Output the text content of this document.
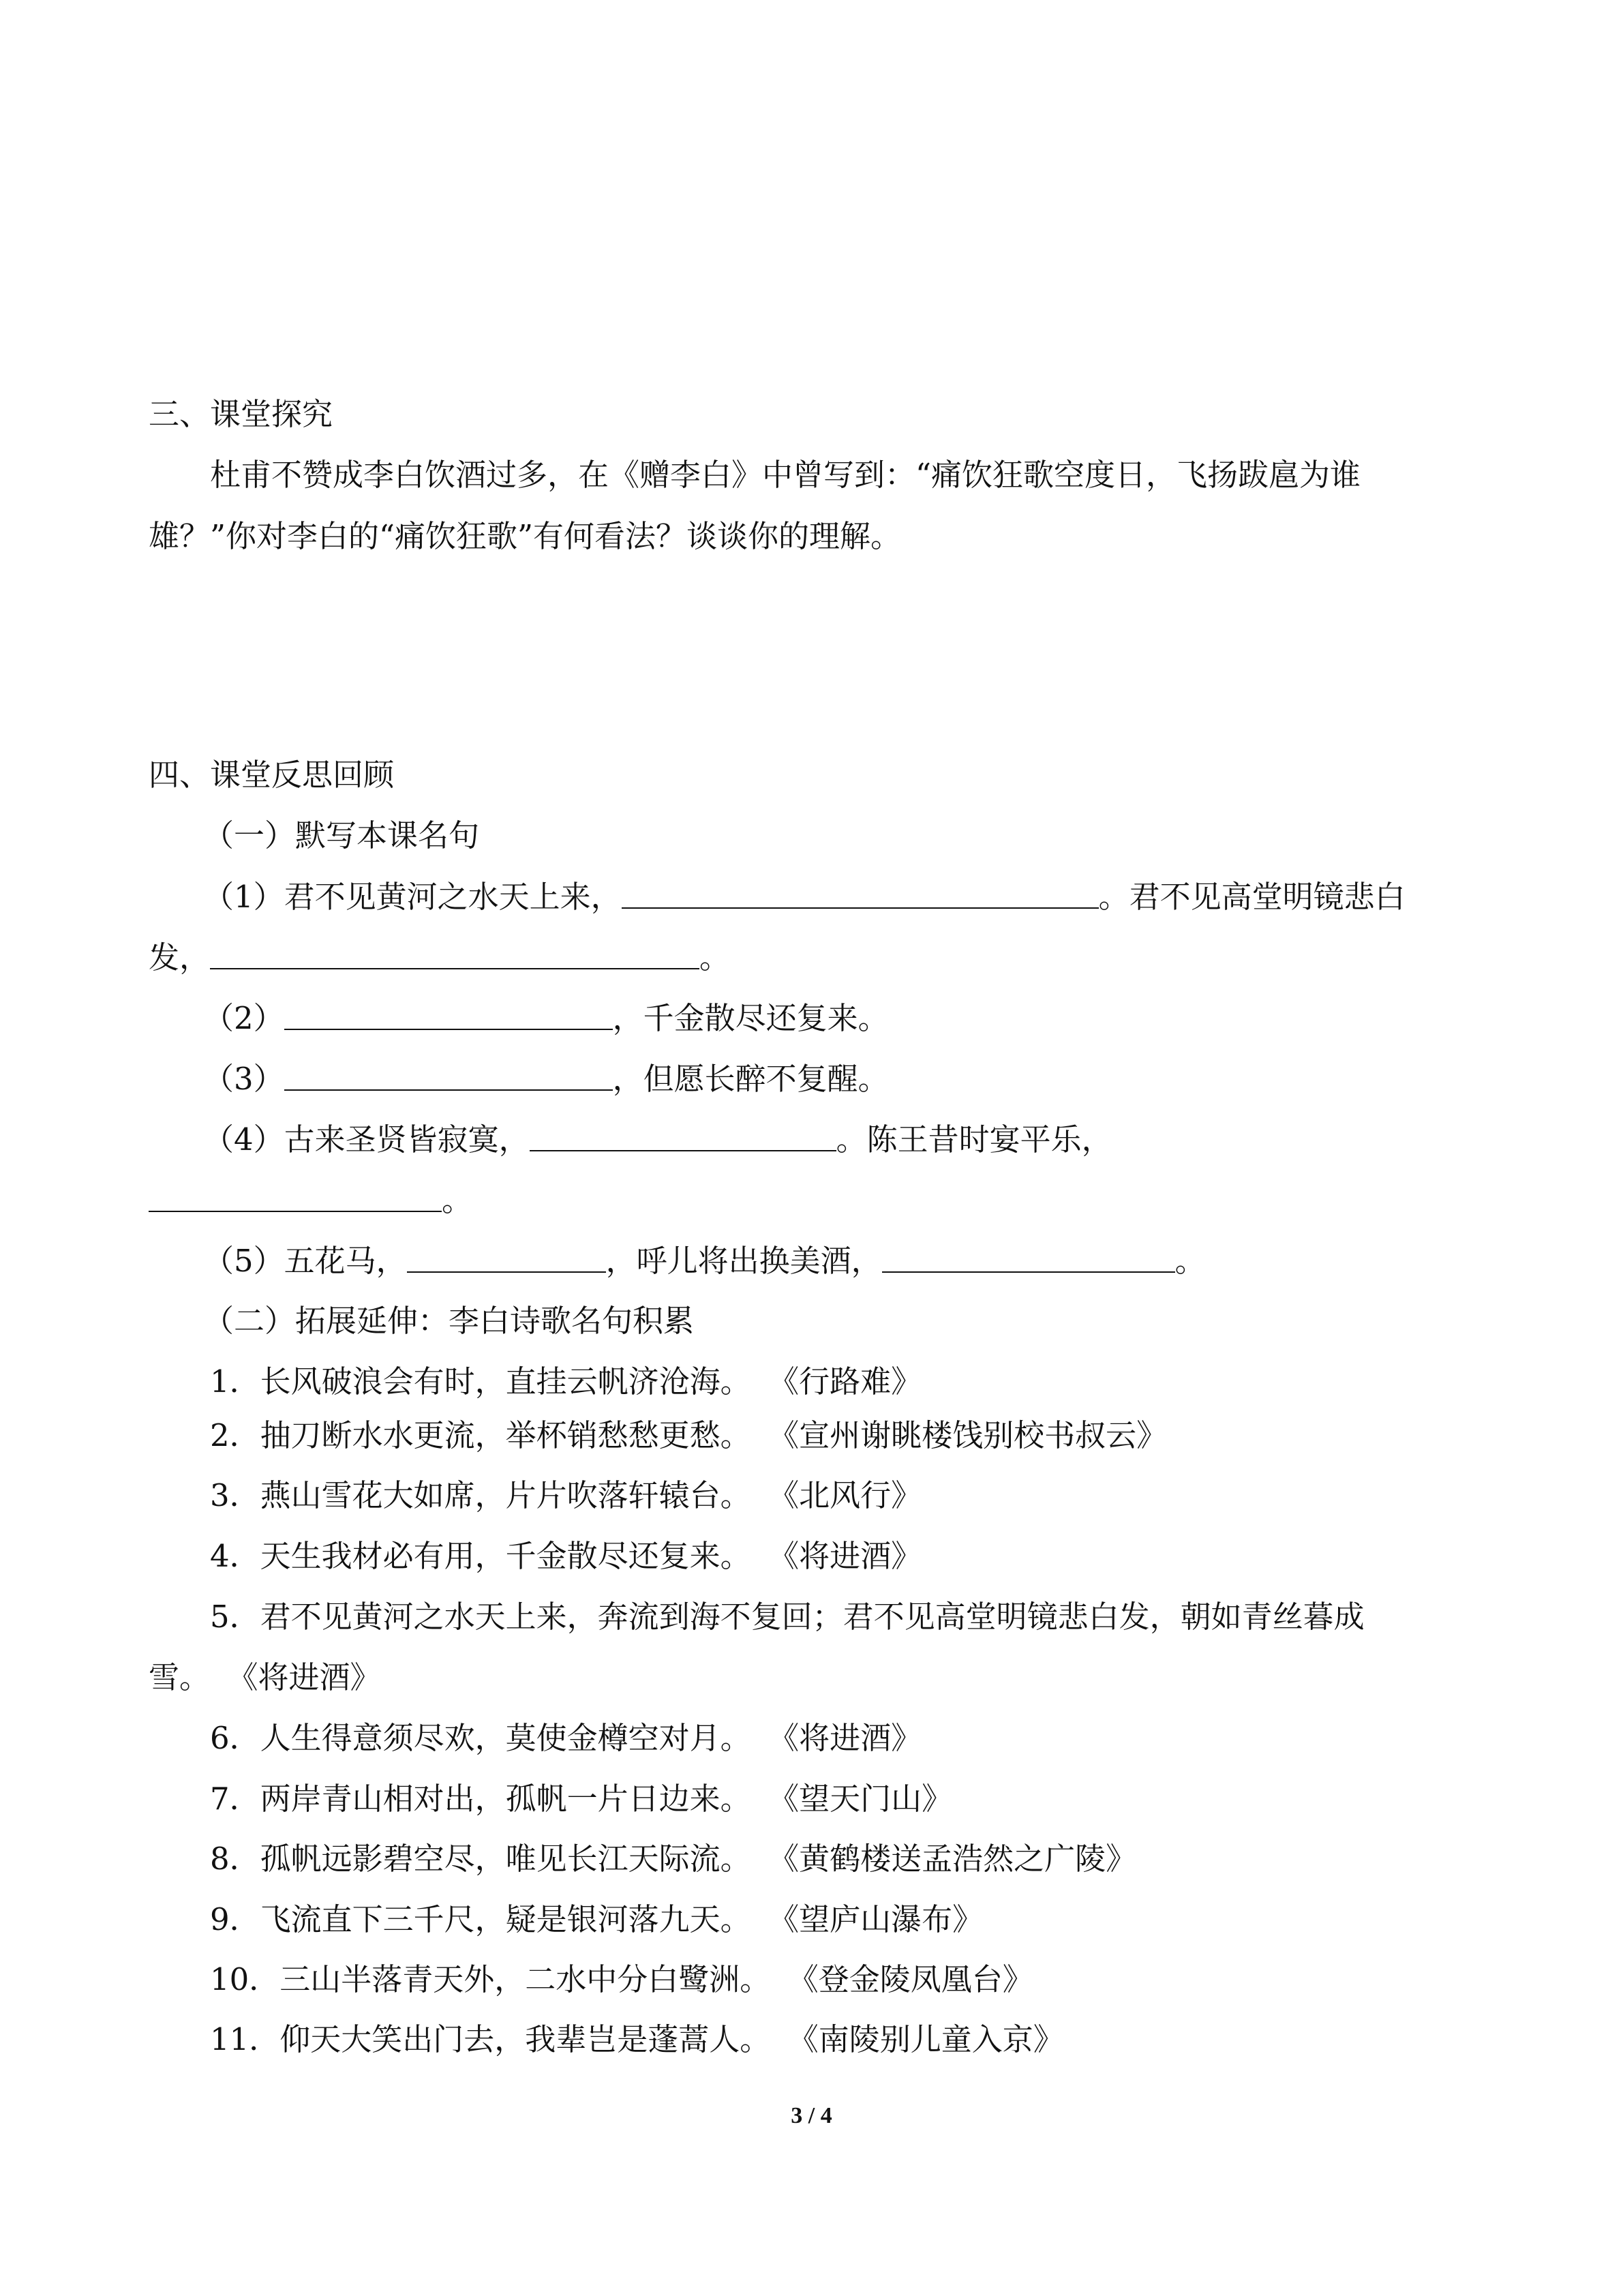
三、课堂探究
杜甫不赞成李白饮酒过多，在《赠李白》中曾写到：“痛饮狂歌空度日，飞扬跋扈为谁
雄？”你对李白的“痛饮狂歌”有何看法？谈谈你的理解。
四、课堂反思回顾
（一）默写本课名句
（1）君不见黄河之水天上来，	。君不见高堂明镜悲白
发，	。
（2）	，千金散尽还复来。
（3）	，但愿长醉不复醒。
（4）古来圣贤皆寂寞，	。陈王昔时宴平乐，
。
（5）五花马，	，呼儿将出换美酒，	。
（二）拓展延伸：李白诗歌名句积累
1．长风破浪会有时，直挂云帆济沧海。 《行路难》
2．抽刀断水水更流，举杯销愁愁更愁。 《宣州谢眺楼饯别校书叔云》
3．燕山雪花大如席，片片吹落轩辕台。 《北风行》
4．天生我材必有用，千金散尽还复来。 《将进酒》
5．君不见黄河之水天上来，奔流到海不复回；君不见高堂明镜悲白发，朝如青丝暮成
雪。 《将进酒》
6．人生得意须尽欢，莫使金樽空对月。 《将进酒》
7．两岸青山相对出，孤帆一片日边来。 《望天门山》
8．孤帆远影碧空尽，唯见长江天际流。 《黄鹤楼送孟浩然之广陵》
9．飞流直下三千尺，疑是银河落九天。 《望庐山瀑布》
10．三山半落青天外，二水中分白鹭洲。 《登金陵凤凰台》
11．仰天大笑出门去，我辈岂是蓬蒿人。 《南陵别儿童入京》
3 / 4
